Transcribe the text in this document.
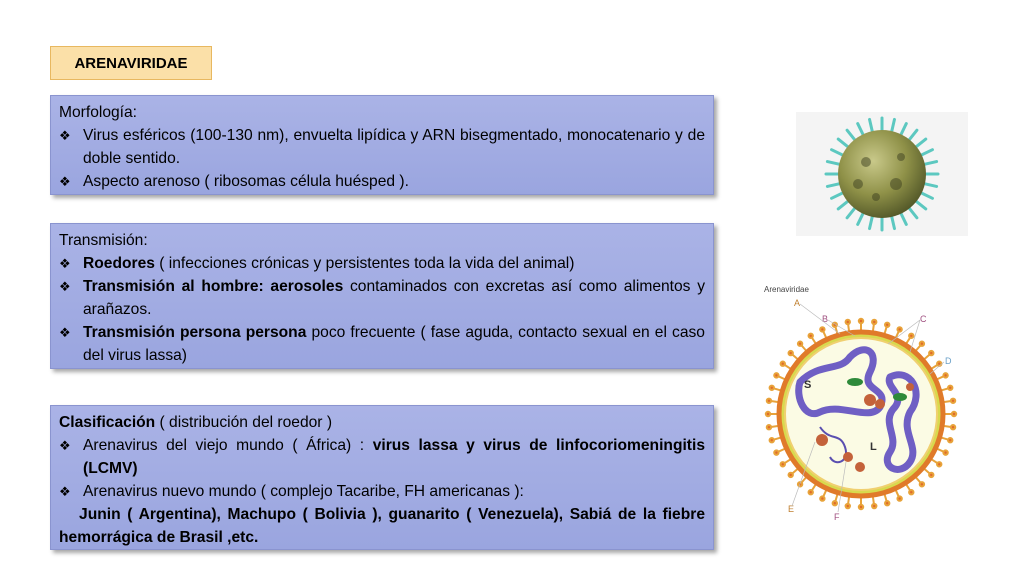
ARENAVIRIDAE

Morfología:

❖ Virus esféricos (100-130 nm), envuelta lipídica y ARN bisegmentado, monocatenario y de doble sentido.
❖ Aspecto arenoso ( ribosomas célula huésped ).

Transmisión:

❖ Roedores ( infecciones crónicas y persistentes toda la vida del animal)
❖ Transmisión al hombre: aerosoles contaminados con excretas así como alimentos y arañazos.
❖ Transmisión persona persona poco frecuente ( fase aguda, contacto sexual en el caso del virus lassa)

Clasificación ( distribución del roedor )

❖ Arenavirus del viejo mundo ( África) : virus lassa y virus de linfocoriomeningitis (LCMV)
❖ Arenavirus nuevo mundo ( complejo Tacaribe, FH americanas ):

Junin ( Argentina), Machupo ( Bolivia ), guanarito ( Venezuela), Sabiá de la fiebre hemorrágica de Brasil ,etc.

Arenaviridae
A
B	C
D
S
L
E
F
